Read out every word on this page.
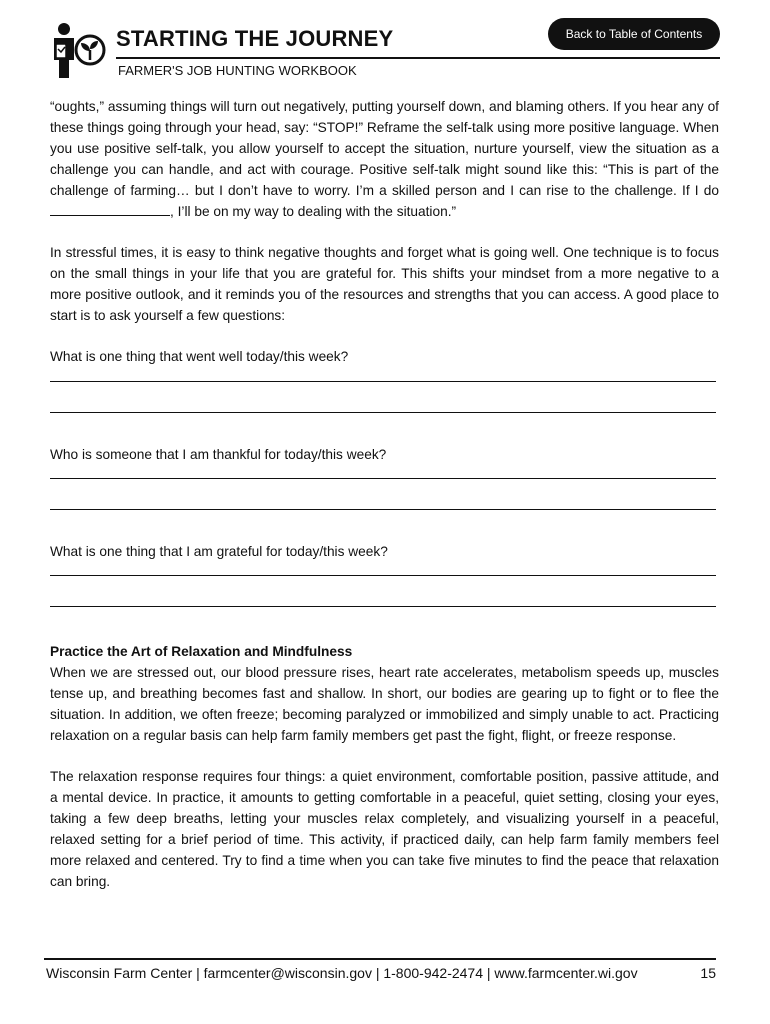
STARTING THE JOURNEY
FARMER'S JOB HUNTING WORKBOOK
Back to Table of Contents

“oughts,” assuming things will turn out negatively, putting yourself down, and blaming others. If you hear any of these things going through your head, say: “STOP!” Reframe the self-talk using more positive language. When you use positive self-talk, you allow yourself to accept the situation, nurture yourself, view the situation as a challenge you can handle, and act with courage. Positive self-talk might sound like this: “This is part of the challenge of farming… but I don’t have to worry. I’m a skilled person and I can rise to the challenge. If I do , I’ll be on my way to dealing with the situation.”

In stressful times, it is easy to think negative thoughts and forget what is going well. One technique is to focus on the small things in your life that you are grateful for. This shifts your mindset from a more negative to a more positive outlook, and it reminds you of the resources and strengths that you can access. A good place to start is to ask yourself a few questions:

What is one thing that went well today/this week?

Who is someone that I am thankful for today/this week?

What is one thing that I am grateful for today/this week?

Practice the Art of Relaxation and Mindfulness

When we are stressed out, our blood pressure rises, heart rate accelerates, metabolism speeds up, muscles tense up, and breathing becomes fast and shallow. In short, our bodies are gearing up to fight or to flee the situation. In addition, we often freeze; becoming paralyzed or immobilized and simply unable to act. Practicing relaxation on a regular basis can help farm family members get past the fight, flight, or freeze response.

The relaxation response requires four things: a quiet environment, comfortable position, passive attitude, and a mental device. In practice, it amounts to getting comfortable in a peaceful, quiet setting, closing your eyes, taking a few deep breaths, letting your muscles relax completely, and visualizing yourself in a peaceful, relaxed setting for a brief period of time. This activity, if practiced daily, can help farm family members feel more relaxed and centered. Try to find a time when you can take five minutes to find the peace that relaxation can bring.

Wisconsin Farm Center | farmcenter@wisconsin.gov | 1-800-942-2474 | www.farmcenter.wi.gov	15
